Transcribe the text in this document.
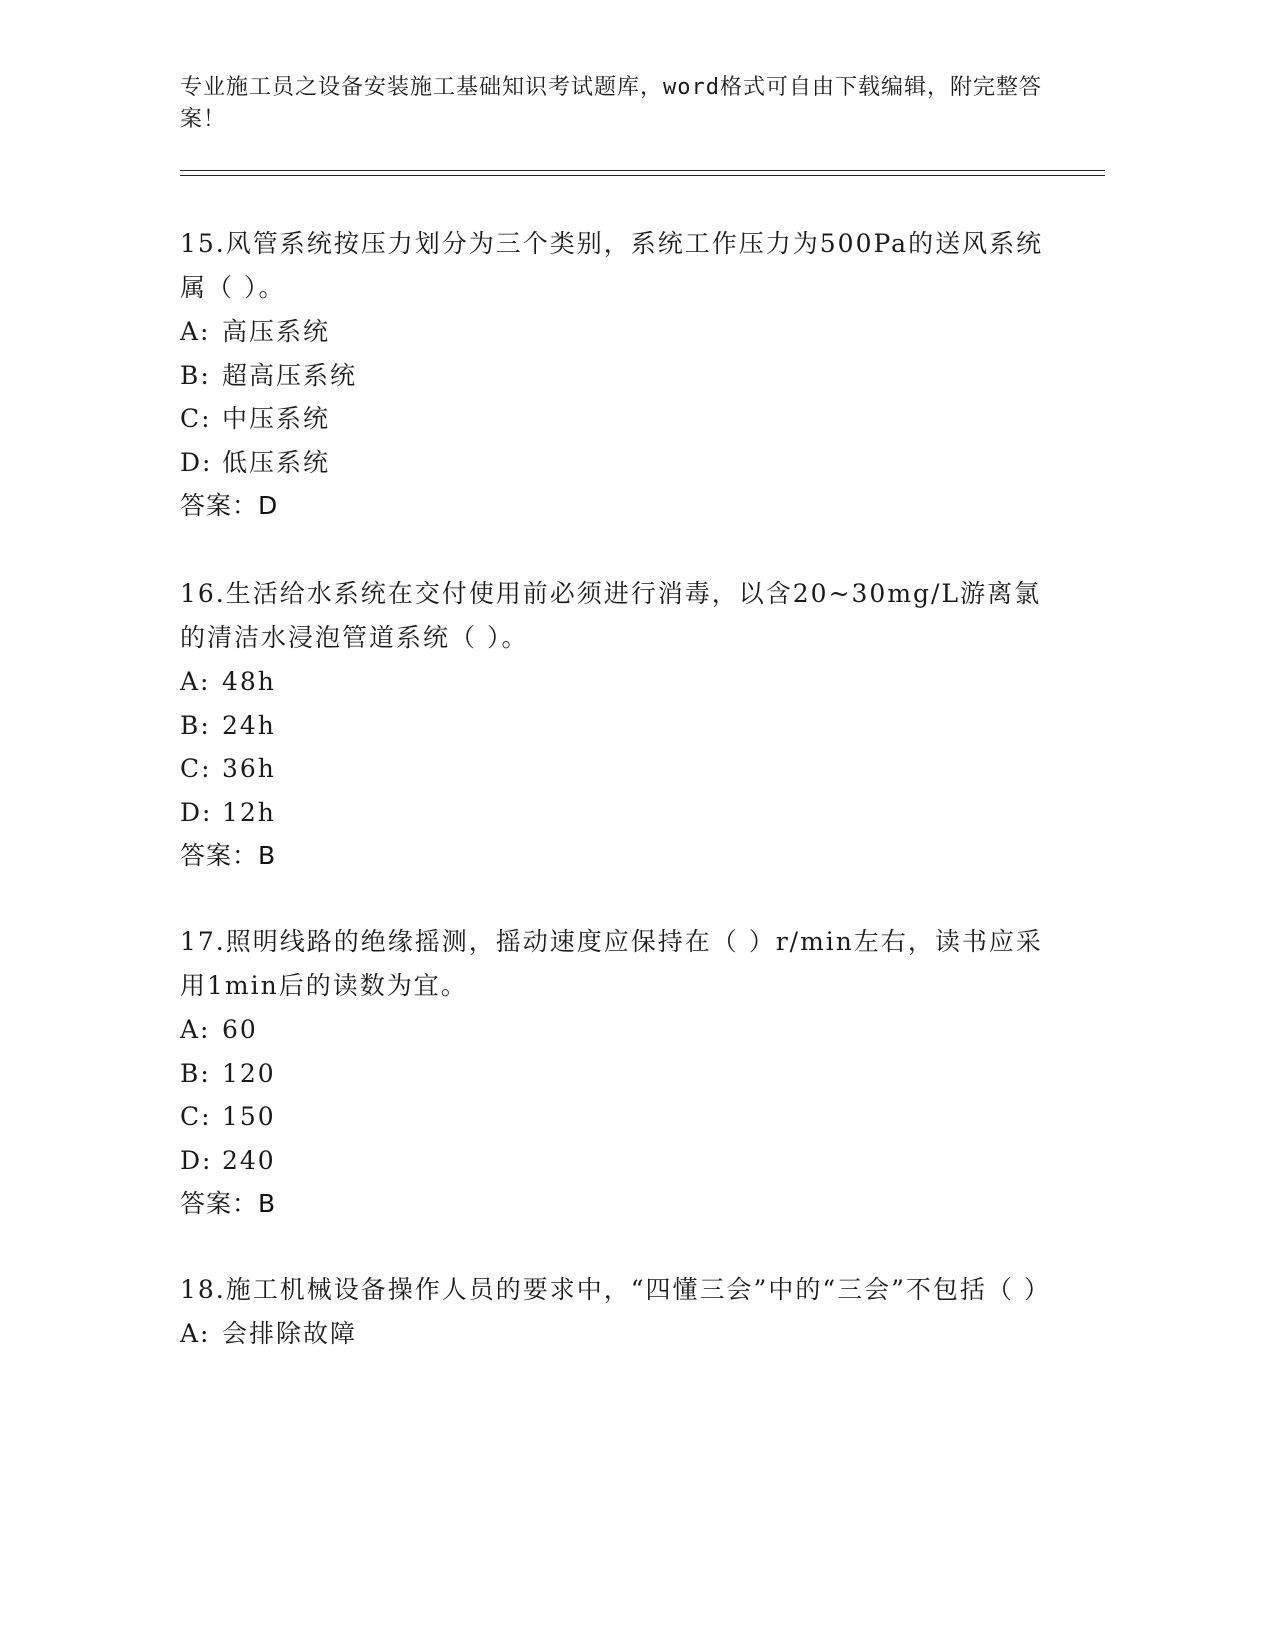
专业施工员之设备安装施工基础知识考试题库，word格式可自由下载编辑，附完整答案！

15.风管系统按压力划分为三个类别，系统工作压力为500Pa的送风系统属（ ）。

A: 高压系统
B: 超高压系统
C: 中压系统
D: 低压系统
答案：D

16.生活给水系统在交付使用前必须进行消毒，以含20~30mg/L游离氯的清洁水浸泡管道系统（ ）。

A: 48h
B: 24h
C: 36h
D: 12h
答案：B

17.照明线路的绝缘摇测，摇动速度应保持在（ ）r/min左右，读书应采用1min后的读数为宜。

A: 60
B: 120
C: 150
D: 240
答案：B

18.施工机械设备操作人员的要求中，“四懂三会”中的“三会”不包括（ ）

A: 会排除故障
